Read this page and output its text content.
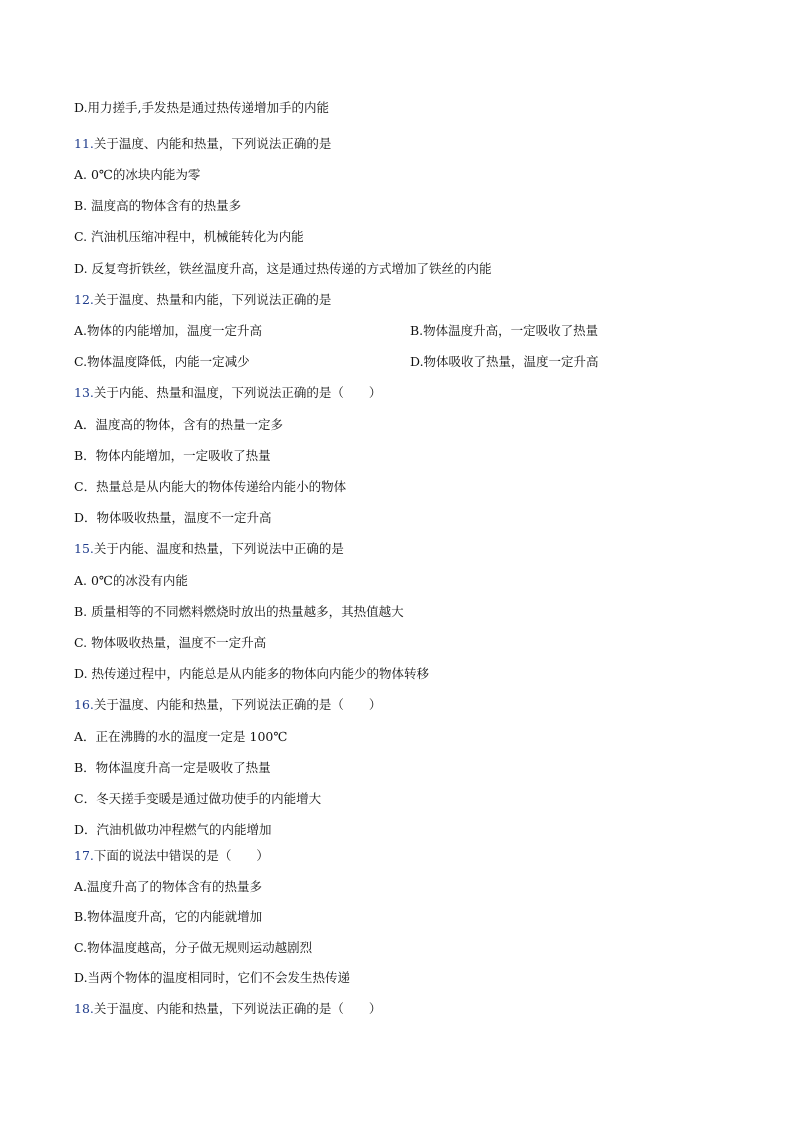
D.用力搓手,手发热是通过热传递增加手的内能
11.关于温度、内能和热量，下列说法正确的是
A. 0℃的冰块内能为零
B. 温度高的物体含有的热量多
C. 汽油机压缩冲程中，机械能转化为内能
D. 反复弯折铁丝，铁丝温度升高，这是通过热传递的方式增加了铁丝的内能
12.关于温度、热量和内能，下列说法正确的是
A.物体的内能增加，温度一定升高	B.物体温度升高，一定吸收了热量
C.物体温度降低，内能一定减少	D.物体吸收了热量，温度一定升高
13.关于内能、热量和温度，下列说法正确的是（　　）
A．温度高的物体，含有的热量一定多
B．物体内能增加，一定吸收了热量
C．热量总是从内能大的物体传递给内能小的物体
D．物体吸收热量，温度不一定升高
15.关于内能、温度和热量，下列说法中正确的是
A. 0℃的冰没有内能
B. 质量相等的不同燃料燃烧时放出的热量越多，其热值越大
C. 物体吸收热量，温度不一定升高
D. 热传递过程中，内能总是从内能多的物体向内能少的物体转移
16.关于温度、内能和热量，下列说法正确的是（　　）
A．正在沸腾的水的温度一定是 100℃
B．物体温度升高一定是吸收了热量
C．冬天搓手变暖是通过做功使手的内能增大
D．汽油机做功冲程燃气的内能增加
17.下面的说法中错误的是（　　）
A.温度升高了的物体含有的热量多
B.物体温度升高，它的内能就增加
C.物体温度越高，分子做无规则运动越剧烈
D.当两个物体的温度相同时，它们不会发生热传递
18.关于温度、内能和热量，下列说法正确的是（　　）
